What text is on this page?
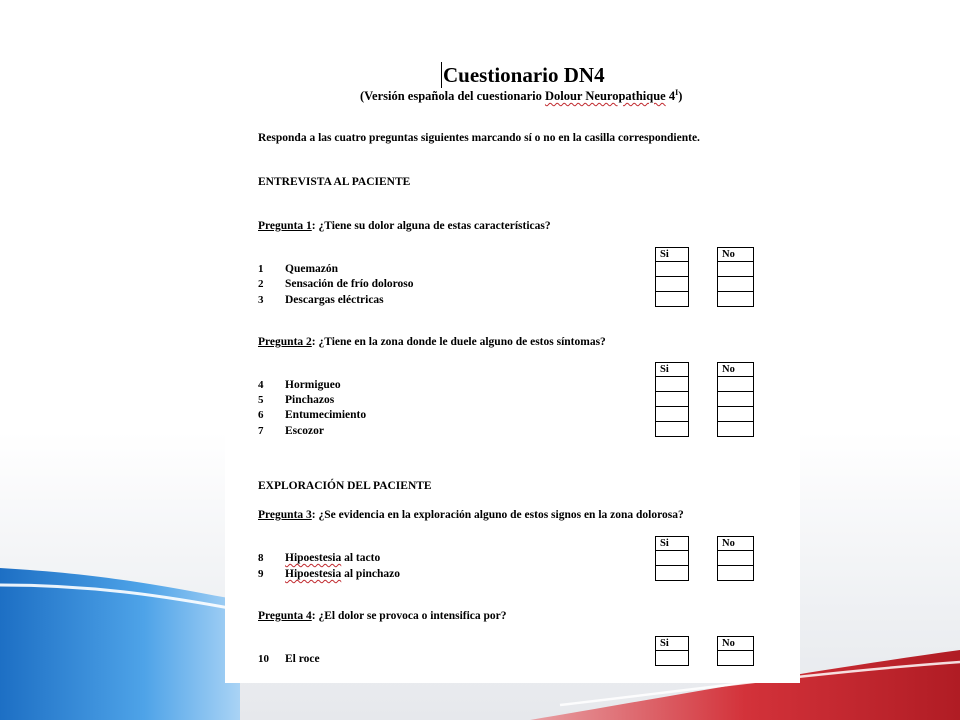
Cuestionario DN4
(Versión española del cuestionario Dolour Neuropathique $4^I$)
Responda a las cuatro preguntas siguientes marcando sí o no en la casilla correspondiente.
ENTREVISTA AL PACIENTE
Pregunta 1: ¿Tiene su dolor alguna de estas características?
1 Quemazón
2 Sensación de frío doloroso
3 Descargas eléctricas
Si	No
Pregunta 2: ¿Tiene en la zona donde le duele alguno de estos síntomas?
4 Hormigueo
5 Pinchazos
6 Entumecimiento
7 Escozor
Si	No
EXPLORACIÓN DEL PACIENTE
Pregunta 3: ¿Se evidencia en la exploración alguno de estos signos en la zona dolorosa?
8 Hipoestesia al tacto
9 Hipoestesia al pinchazo
Si	No
Pregunta 4: ¿El dolor se provoca o intensifica por?
10 El roce
Si	No
